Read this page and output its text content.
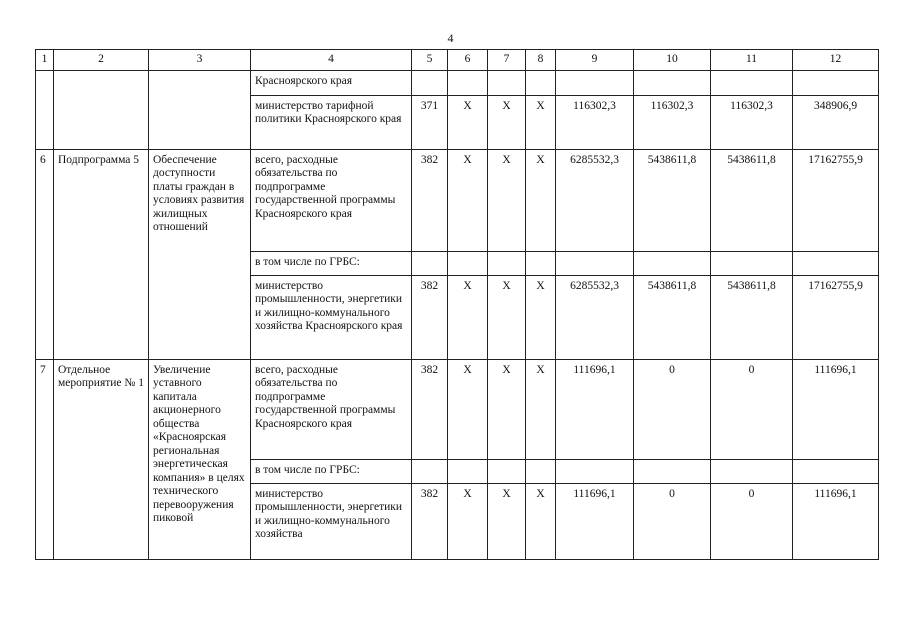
4
1	2	3	4	5	6	7	8	9	10	11	12
			Красноярского края								
			министерство тарифной политики Красноярского края	371	Х	Х	Х	116302,3	116302,3	116302,3	348906,9
6	Подпрограмма 5	Обеспечение доступности платы граждан в условиях развития жилищных отношений	всего, расходные обязательства по подпрограмме государственной программы Красноярского края	382	Х	Х	Х	6285532,3	5438611,8	5438611,8	17162755,9
			в том числе по ГРБС:								
			министерство промышленности, энергетики и жилищно-коммунального хозяйства Красноярского края	382	Х	Х	Х	6285532,3	5438611,8	5438611,8	17162755,9
7	Отдельное мероприятие № 1	Увеличение уставного капитала акционерного общества «Красноярская региональная энергетическая компания» в целях технического перевооружения пиковой	всего, расходные обязательства по подпрограмме государственной программы Красноярского края	382	Х	Х	Х	111696,1	0	0	111696,1
			в том числе по ГРБС:								
			министерство промышленности, энергетики и жилищно-коммунального хозяйства	382	Х	Х	Х	111696,1	0	0	111696,1
